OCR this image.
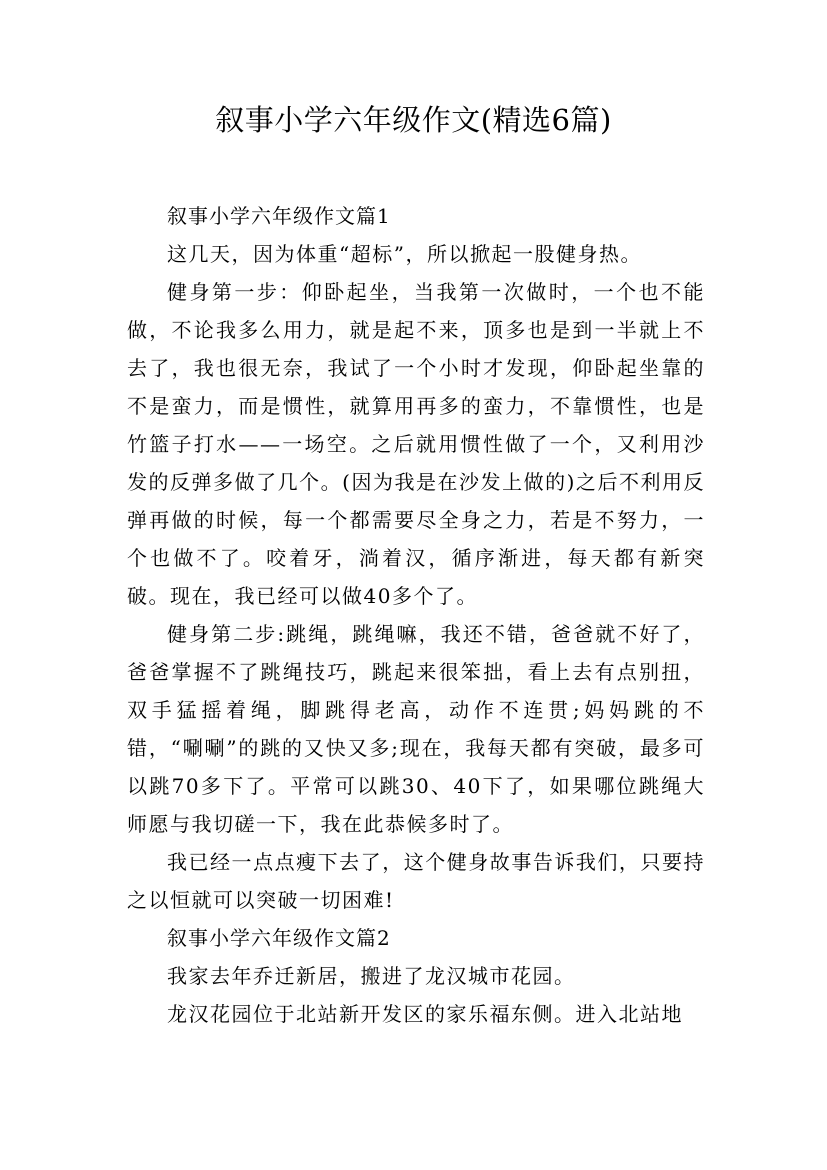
叙事小学六年级作文(精选6篇)

叙事小学六年级作文篇1

这几天，因为体重“超标”，所以掀起一股健身热。

健身第一步：仰卧起坐，当我第一次做时，一个也不能做，不论我多么用力，就是起不来，顶多也是到一半就上不去了，我也很无奈，我试了一个小时才发现，仰卧起坐靠的不是蛮力，而是惯性，就算用再多的蛮力，不靠惯性，也是竹篮子打水——一场空。之后就用惯性做了一个，又利用沙发的反弹多做了几个。(因为我是在沙发上做的)之后不利用反弹再做的时候，每一个都需要尽全身之力，若是不努力，一个也做不了。咬着牙，淌着汉，循序渐进，每天都有新突破。现在，我已经可以做40多个了。

健身第二步:跳绳，跳绳嘛，我还不错，爸爸就不好了，爸爸掌握不了跳绳技巧，跳起来很笨拙，看上去有点别扭，双手猛摇着绳，脚跳得老高，动作不连贯;妈妈跳的不错，“唰唰”的跳的又快又多;现在，我每天都有突破，最多可以跳70多下了。平常可以跳30、40下了，如果哪位跳绳大师愿与我切磋一下，我在此恭候多时了。

我已经一点点瘦下去了，这个健身故事告诉我们，只要持之以恒就可以突破一切困难!

叙事小学六年级作文篇2

我家去年乔迁新居，搬进了龙汉城市花园。

龙汉花园位于北站新开发区的家乐福东侧。进入北站地
